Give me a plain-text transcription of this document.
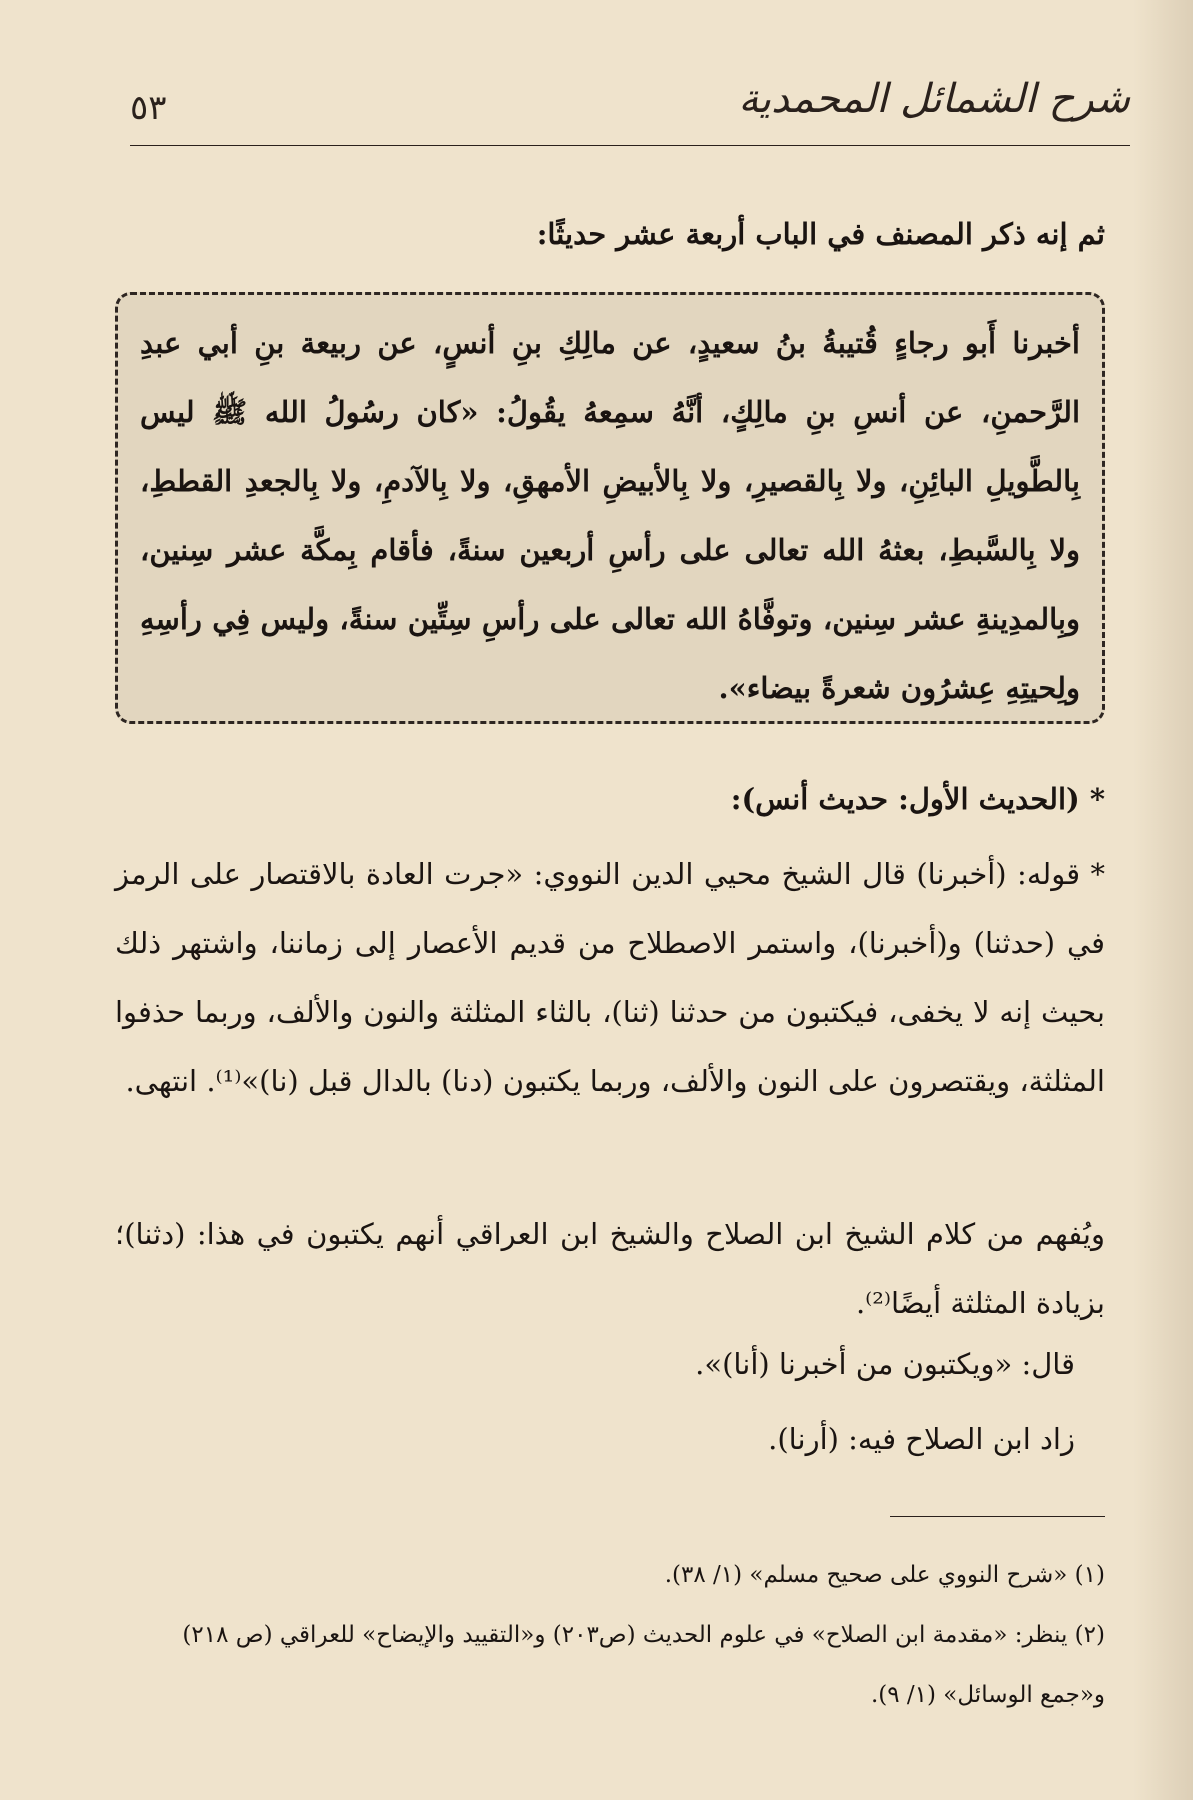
شرح الشمائل المحمدية
٥٣
ثم إنه ذكر المصنف في الباب أربعة عشر حديثًا:
أخبرنا أَبو رجاءٍ قُتيبةُ بنُ سعيدٍ، عن مالِكِ بنِ أنسٍ، عن ربيعة بنِ أبي عبدِ الرَّحمنِ، عن أنسِ بنِ مالِكٍ، أنَّهُ سمِعهُ يقُولُ: «كان رسُولُ الله ﷺ ليس بِالطَّويلِ البائِنِ، ولا بِالقصيرِ، ولا بِالأبيضِ الأمهقِ، ولا بِالآدمِ، ولا بِالجعدِ القططِ، ولا بِالسَّبطِ، بعثهُ الله تعالى على رأسِ أربعين سنةً، فأقام بِمكَّة عشر سِنين، وبِالمدِينةِ عشر سِنين، وتوفَّاهُ الله تعالى على رأسِ سِتِّين سنةً، وليس فِي رأسِهِ ولِحيتِهِ عِشرُون شعرةً بيضاء».
* (الحديث الأول: حديث أنس):
* قوله: (أخبرنا) قال الشيخ محيي الدين النووي: «جرت العادة بالاقتصار على الرمز في (حدثنا) و(أخبرنا)، واستمر الاصطلاح من قديم الأعصار إلى زماننا، واشتهر ذلك بحيث إنه لا يخفى، فيكتبون من حدثنا (ثنا)، بالثاء المثلثة والنون والألف، وربما حذفوا المثلثة، ويقتصرون على النون والألف، وربما يكتبون (دنا) بالدال قبل (نا)»⁽¹⁾. انتهى.
ويُفهم من كلام الشيخ ابن الصلاح والشيخ ابن العراقي أنهم يكتبون في هذا: (دثنا)؛ بزيادة المثلثة أيضًا⁽²⁾.
قال: «ويكتبون من أخبرنا (أنا)».
زاد ابن الصلاح فيه: (أرنا).

(١) «شرح النووي على صحيح مسلم» (١/ ٣٨).

(٢) ينظر: «مقدمة ابن الصلاح» في علوم الحديث (ص٢٠٣) و«التقييد والإيضاح» للعراقي (ص ٢١٨) و«جمع الوسائل» (١/ ٩).
